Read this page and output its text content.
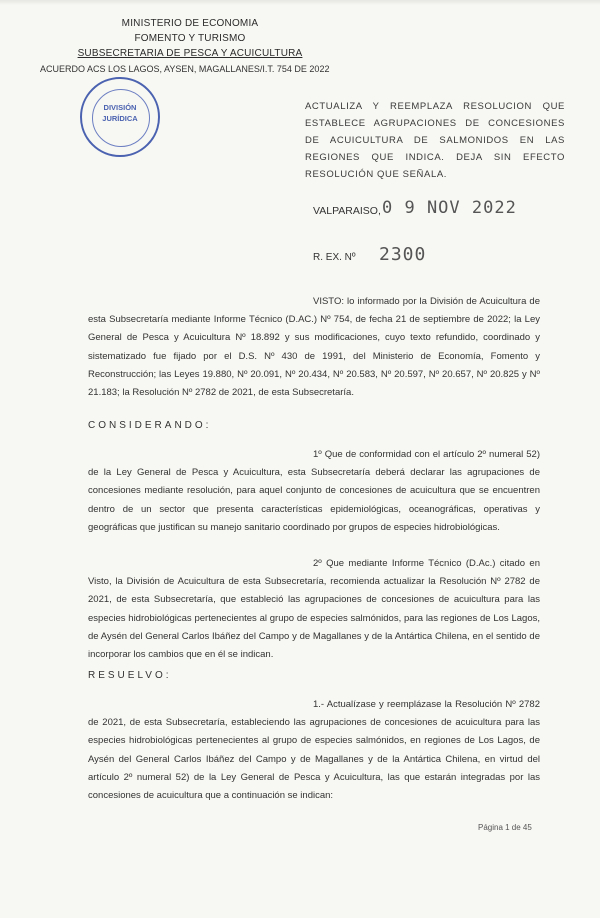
MINISTERIO DE ECONOMIA
FOMENTO Y TURISMO
SUBSECRETARIA DE PESCA Y ACUICULTURA
ACUERDO ACS LOS LAGOS, AYSEN, MAGALLANES/I.T. 754 DE 2022
DIVISIÓN
JURÍDICA
ACTUALIZA Y REEMPLAZA RESOLUCION QUE ESTABLECE AGRUPACIONES DE CONCESIONES DE ACUICULTURA DE SALMONIDOS EN LAS REGIONES QUE INDICA. DEJA SIN EFECTO RESOLUCIÓN QUE SEÑALA.
VALPARAISO, 0 9 NOV 2022
R. EX. Nº 2300
VISTO: lo informado por la División de Acuicultura de esta Subsecretaría mediante Informe Técnico (D.AC.) Nº 754, de fecha 21 de septiembre de 2022; la Ley General de Pesca y Acuicultura Nº 18.892 y sus modificaciones, cuyo texto refundido, coordinado y sistematizado fue fijado por el D.S. Nº 430 de 1991, del Ministerio de Economía, Fomento y Reconstrucción; las Leyes 19.880, Nº 20.091, Nº 20.434, Nº 20.583, Nº 20.597, Nº 20.657, Nº 20.825 y Nº 21.183; la Resolución Nº 2782 de 2021, de esta Subsecretaría.
CONSIDERANDO:
1º Que de conformidad con el artículo 2º numeral 52) de la Ley General de Pesca y Acuicultura, esta Subsecretaría deberá declarar las agrupaciones de concesiones mediante resolución, para aquel conjunto de concesiones de acuicultura que se encuentren dentro de un sector que presenta características epidemiológicas, oceanográficas, operativas y geográficas que justifican su manejo sanitario coordinado por grupos de especies hidrobiológicas.
2º Que mediante Informe Técnico (D.Ac.) citado en Visto, la División de Acuicultura de esta Subsecretaría, recomienda actualizar la Resolución Nº 2782 de 2021, de esta Subsecretaría, que estableció las agrupaciones de concesiones de acuicultura para las especies hidrobiológicas pertenecientes al grupo de especies salmónidos, para las regiones de Los Lagos, de Aysén del General Carlos Ibáñez del Campo y de Magallanes y de la Antártica Chilena, en el sentido de incorporar los cambios que en él se indican.
RESUELVO:
1.- Actualízase y reemplázase la Resolución Nº 2782 de 2021, de esta Subsecretaría, estableciendo las agrupaciones de concesiones de acuicultura para las especies hidrobiológicas pertenecientes al grupo de especies salmónidos, en regiones de Los Lagos, de Aysén del General Carlos Ibáñez del Campo y de Magallanes y de la Antártica Chilena, en virtud del artículo 2º numeral 52) de la Ley General de Pesca y Acuicultura, las que estarán integradas por las concesiones de acuicultura que a continuación se indican:
Página 1 de 45
